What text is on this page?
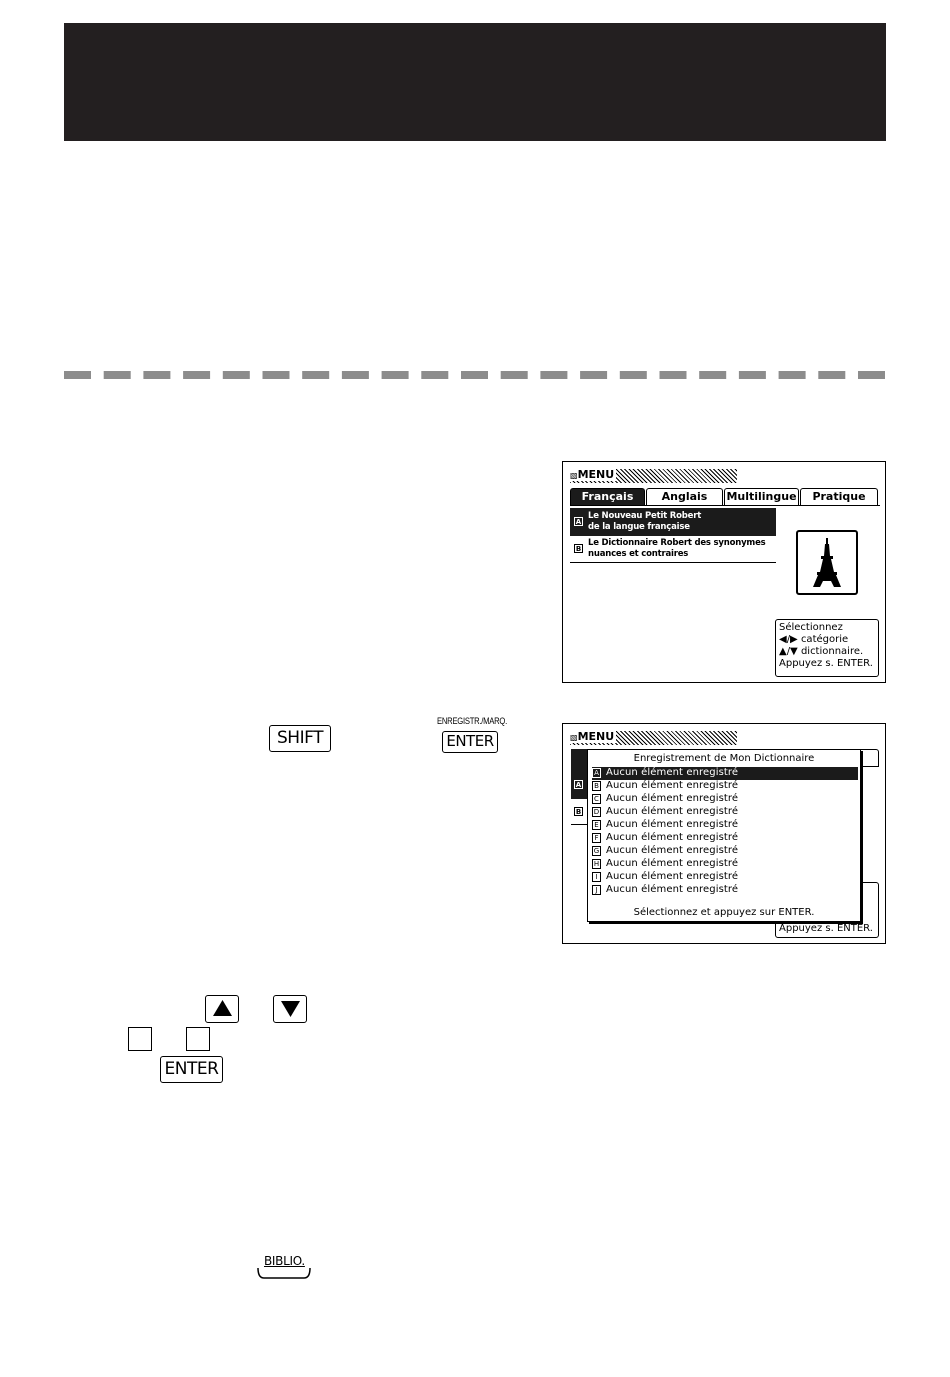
▧MENU
Français	Anglais	Multilingue	Pratique
A
Le Nouveau Petit Robert
de la langue française
B
Le Dictionnaire Robert des synonymes
nuances et contraires
Sélectionnez
◀/▶ catégorie
▲/▼ dictionnaire.
Appuyez s. ENTER.
▧MENU
A
B
Appuyez s. ENTER.
Enregistrement de Mon Dictionnaire
A Aucun élément enregistré
B Aucun élément enregistré
C Aucun élément enregistré
D Aucun élément enregistré
E Aucun élément enregistré
F Aucun élément enregistré
G Aucun élément enregistré
H Aucun élément enregistré
I Aucun élément enregistré
J Aucun élément enregistré
Sélectionnez et appuyez sur ENTER.
SHIFT
ENREGISTR./MARQ.
ENTER
ENTER
BIBLIO.
